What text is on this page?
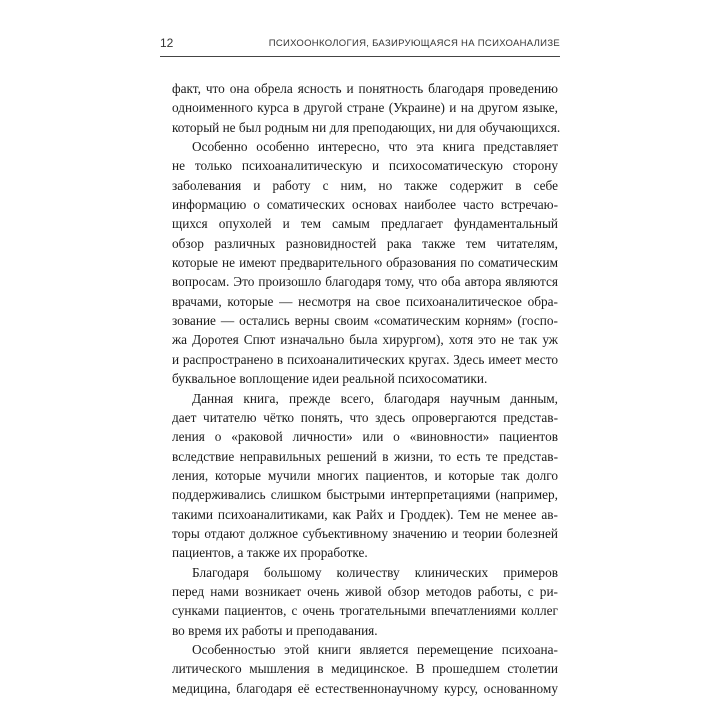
12	ПСИХООНКОЛОГИЯ, БАЗИРУЮЩАЯСЯ НА ПСИХОАНАЛИЗЕ

факт, что она обрела ясность и понятность благодаря проведению
одноименного курса в другой стране (Украине) и на другом языке,
который не был родным ни для преподающих, ни для обучающихся.

Особенно особенно интересно, что эта книга представляет
не только психоаналитическую и психосоматическую сторону
заболевания и работу с ним, но также содержит в себе
информацию о соматических основах наиболее часто встречаю-
щихся опухолей и тем самым предлагает фундаментальный
обзор различных разновидностей рака также тем читателям,
которые не имеют предварительного образования по соматическим
вопросам. Это произошло благодаря тому, что оба автора являются
врачами, которые — несмотря на свое психоаналитическое обра-
зование — остались верны своим «соматическим корням» (госпо-
жа Доротея Спют изначально была хирургом), хотя это не так уж
и распространено в психоаналитических кругах. Здесь имеет место
буквальное воплощение идеи реальной психосоматики.

Данная книга, прежде всего, благодаря научным данным,
дает читателю чётко понять, что здесь опровергаются представ-
ления о «раковой личности» или о «виновности» пациентов
вследствие неправильных решений в жизни, то есть те представ-
ления, которые мучили многих пациентов, и которые так долго
поддерживались слишком быстрыми интерпретациями (например,
такими психоаналитиками, как Райх и Гроддек). Тем не менее ав-
торы отдают должное субъективному значению и теории болезней
пациентов, а также их проработке.

Благодаря большому количеству клинических примеров
перед нами возникает очень живой обзор методов работы, с ри-
сунками пациентов, с очень трогательными впечатлениями коллег
во время их работы и преподавания.

Особенностью этой книги является перемещение психоана-
литического мышления в медицинское. В прошедшем столетии
медицина, благодаря её естественнонаучному курсу, основанному
